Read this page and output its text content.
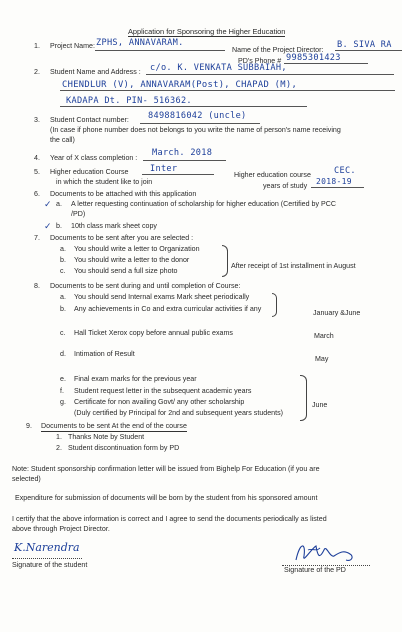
Application for Sponsoring the Higher Education
1. Project Name: ZPHS, ANNAVARAM.
Name of the Project Director: B. SIVA RA
PD's Phone # 9985301423
2. Student Name and Address : c/o. K. VENKATA SUBBAIAH,
CHENDLUR (V), ANNAVARAM(Post), CHAPAD (M),
KADAPA Dt. PIN- 516362.
3. Student Contact number: 8498816042 (uncle)
(In case if phone number does not belongs to you write the name of person's name receiving
the call)
4. Year of X class completion : March. 2018
5. Higher education Course
in which the student like to join
Inter
Higher education course	CEC.
years of study 2018-19
6. Documents to be attached with this application
✓ a. A letter requesting continuation of scholarship for higher education (Certified by PCC
/PD)
✓ b. 10th class mark sheet copy
7. Documents to be sent after you are selected :
a. You should write a letter to Organization
b. You should write a letter to the donor
c. You should send a full size photo
After receipt of 1st installment in August
8. Documents to be sent during and until completion of Course:
a. You should send Internal exams Mark sheet periodically
b. Any achievements in Co and extra curricular activities if any	January &June
c. Hall Ticket Xerox copy before annual public exams	March
d. Intimation of Result
May
e. Final exam marks for the previous year
f. Student request letter in the subsequent academic years
g. Certificate for non availing Govt/ any other scholarship
(Duly certified by Principal for 2nd and subsequent years students)
June
9. Documents to be sent At the end of the course
1. Thanks Note by Student
2. Student discontinuation form by PD
Note: Student sponsorship confirmation letter will be issued from Bighelp For Education (if you are
selected)
Expenditure for submission of documents will be born by the student from his sponsored amount
I certify that the above information is correct and I agree to send the documents periodically as listed
above through Project Director.
K.Narendra
Signature of the student
Signature of the PD
